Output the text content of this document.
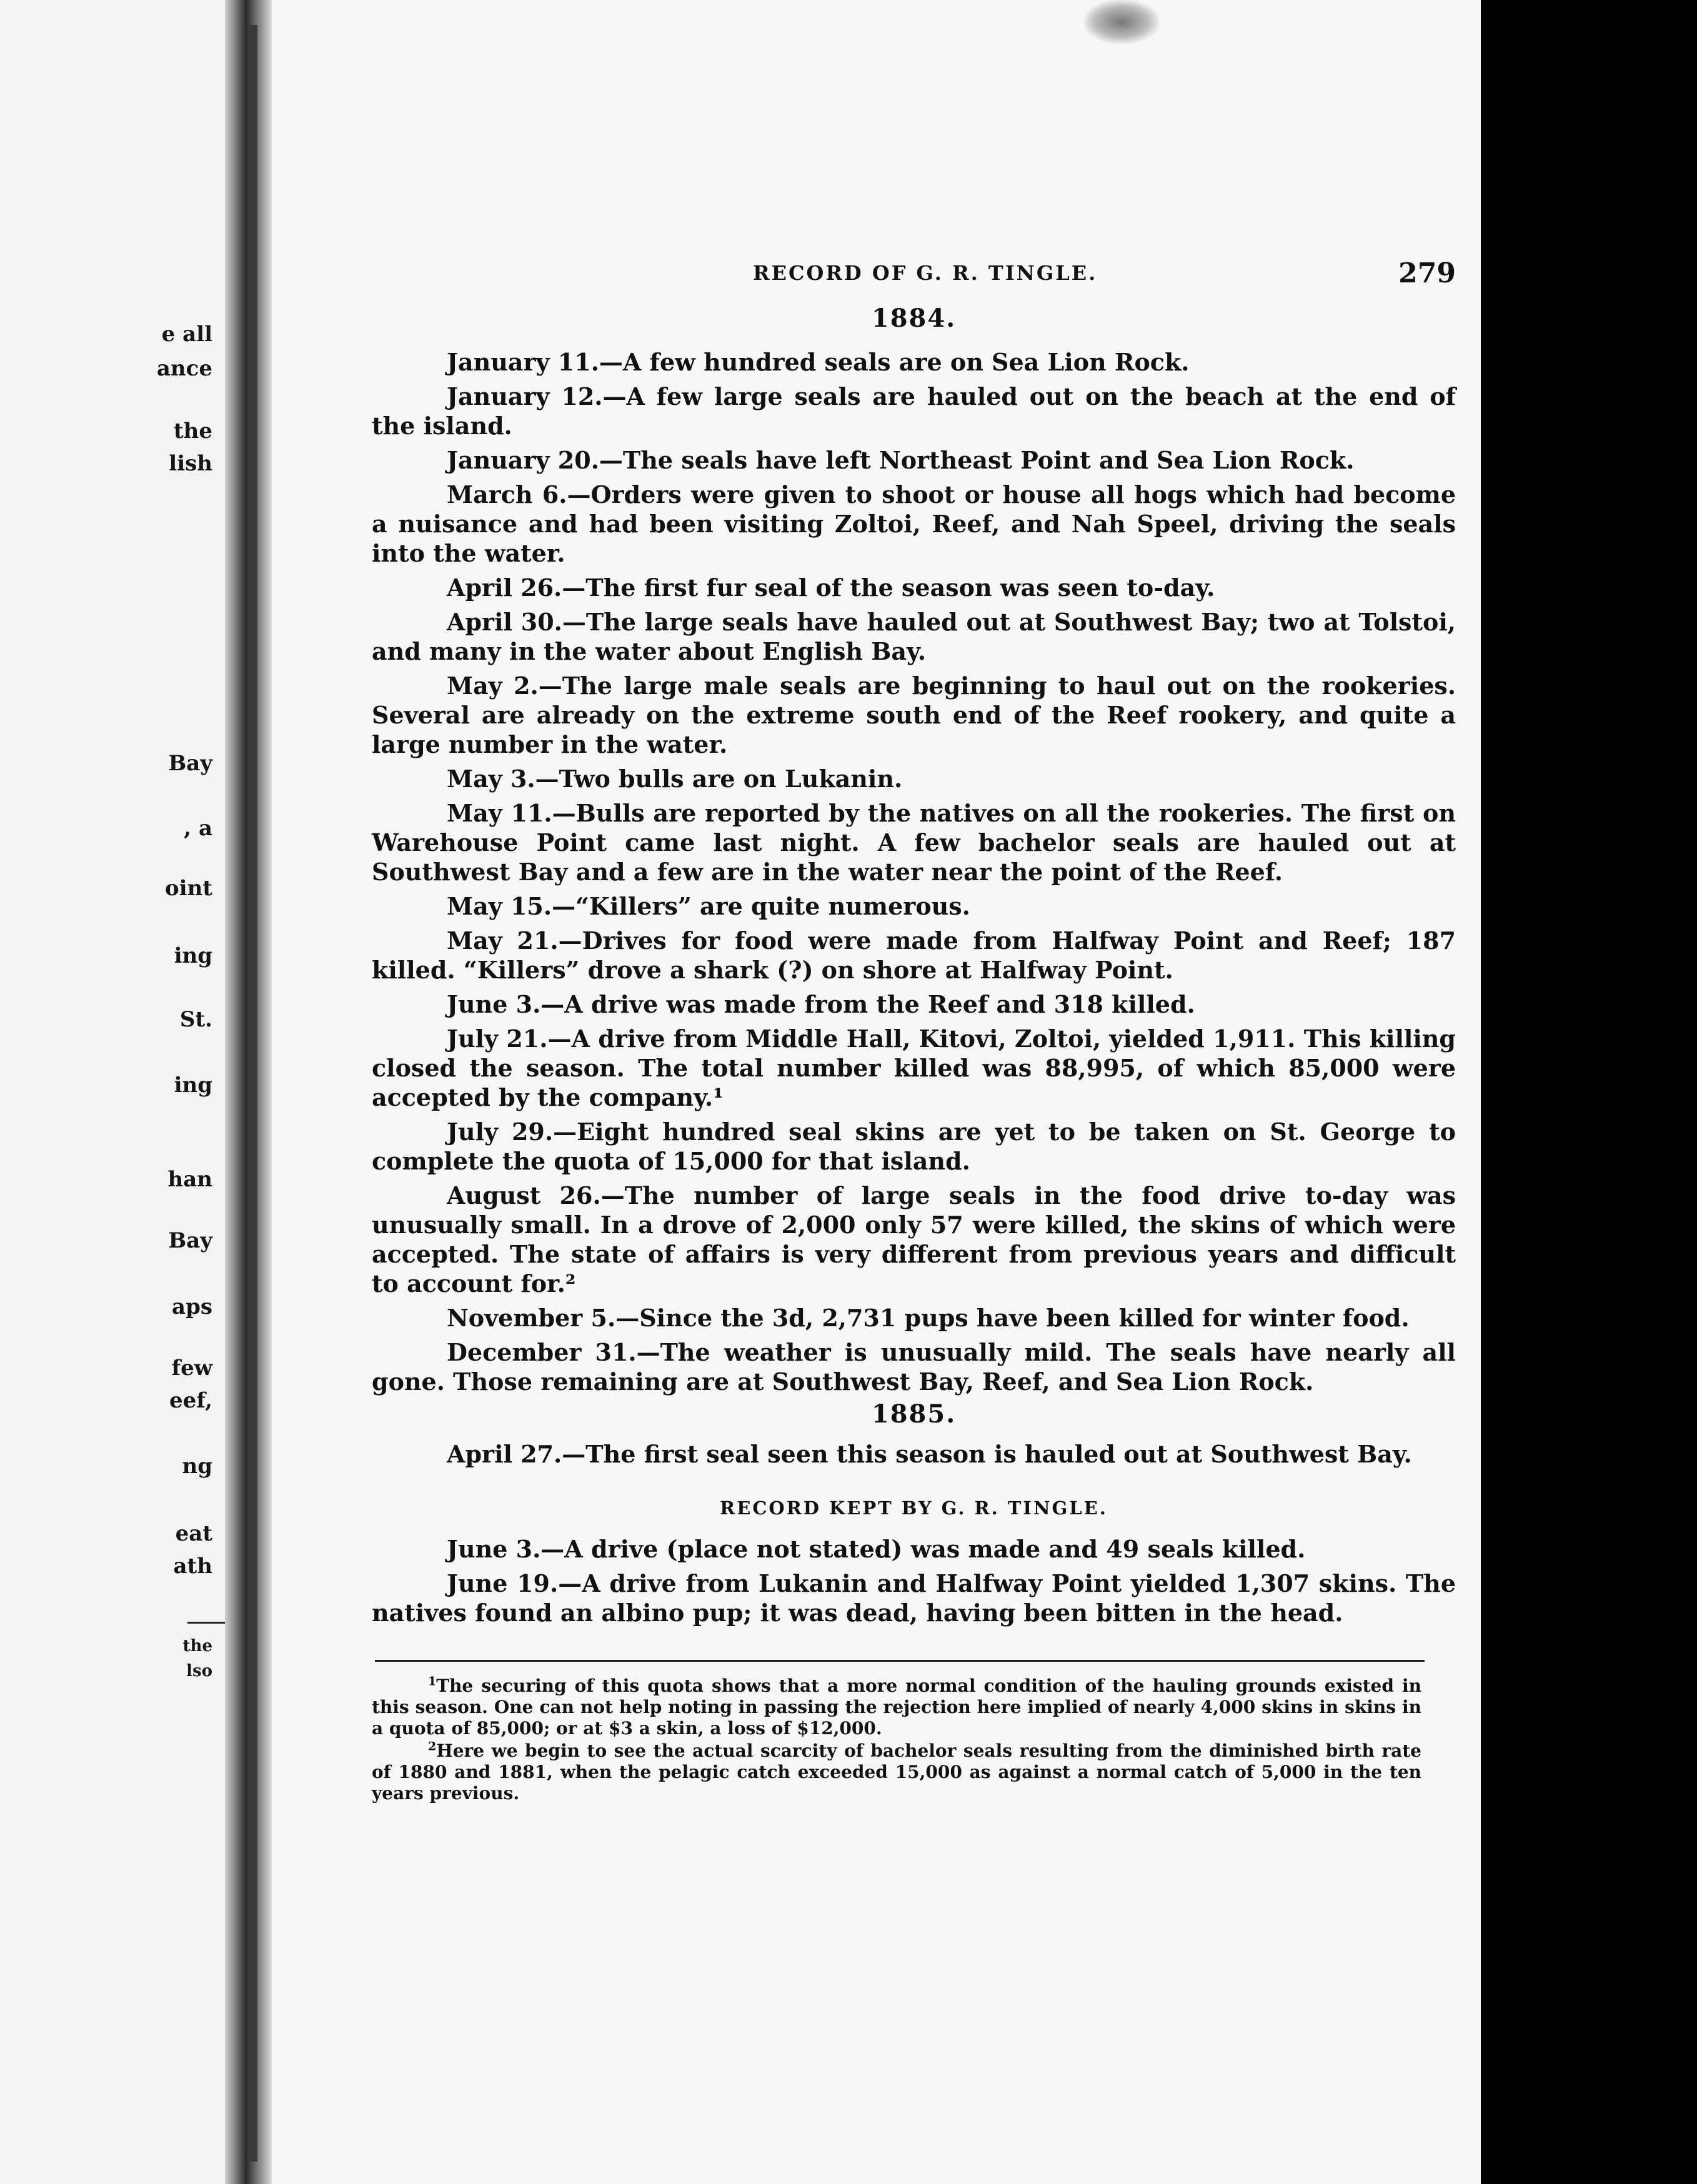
e all
ance
the
lish
Bay
, a
oint
ing
St.
ing
han
Bay
aps
few
eef,
ng
eat
ath
the
lso
RECORD OF G. R. TINGLE.	279
1884.
January 11.—A few hundred seals are on Sea Lion Rock.
January 12.—A few large seals are hauled out on the beach at the end of the island.
January 20.—The seals have left Northeast Point and Sea Lion Rock.
March 6.—Orders were given to shoot or house all hogs which had become a nuisance and had been visiting Zoltoi, Reef, and Nah Speel, driving the seals into the water.
April 26.—The first fur seal of the season was seen to-day.
April 30.—The large seals have hauled out at Southwest Bay; two at Tolstoi, and many in the water about English Bay.
May 2.—The large male seals are beginning to haul out on the rookeries. Several are already on the extreme south end of the Reef rookery, and quite a large number in the water.
May 3.—Two bulls are on Lukanin.
May 11.—Bulls are reported by the natives on all the rookeries. The first on Warehouse Point came last night. A few bachelor seals are hauled out at Southwest Bay and a few are in the water near the point of the Reef.
May 15.—“Killers” are quite numerous.
May 21.—Drives for food were made from Halfway Point and Reef; 187 killed. “Killers” drove a shark (?) on shore at Halfway Point.
June 3.—A drive was made from the Reef and 318 killed.
July 21.—A drive from Middle Hall, Kitovi, Zoltoi, yielded 1,911. This killing closed the season. The total number killed was 88,995, of which 85,000 were accepted by the company.¹
July 29.—Eight hundred seal skins are yet to be taken on St. George to complete the quota of 15,000 for that island.
August 26.—The number of large seals in the food drive to-day was unusually small. In a drove of 2,000 only 57 were killed, the skins of which were accepted. The state of affairs is very different from previous years and difficult to account for.²
November 5.—Since the 3d, 2,731 pups have been killed for winter food.
December 31.—The weather is unusually mild. The seals have nearly all gone. Those remaining are at Southwest Bay, Reef, and Sea Lion Rock.
1885.
April 27.—The first seal seen this season is hauled out at Southwest Bay.
RECORD KEPT BY G. R. TINGLE.
June 3.—A drive (place not stated) was made and 49 seals killed.
June 19.—A drive from Lukanin and Halfway Point yielded 1,307 skins. The natives found an albino pup; it was dead, having been bitten in the head.

$^1$The securing of this quota shows that a more normal condition of the hauling grounds existed in this season. One can not help noting in passing the rejection here implied of nearly 4,000 skins in skins in a quota of 85,000; or at $3 a skin, a loss of $12,000.

$^2$Here we begin to see the actual scarcity of bachelor seals resulting from the diminished birth rate of 1880 and 1881, when the pelagic catch exceeded 15,000 as against a normal catch of 5,000 in the ten years previous.
